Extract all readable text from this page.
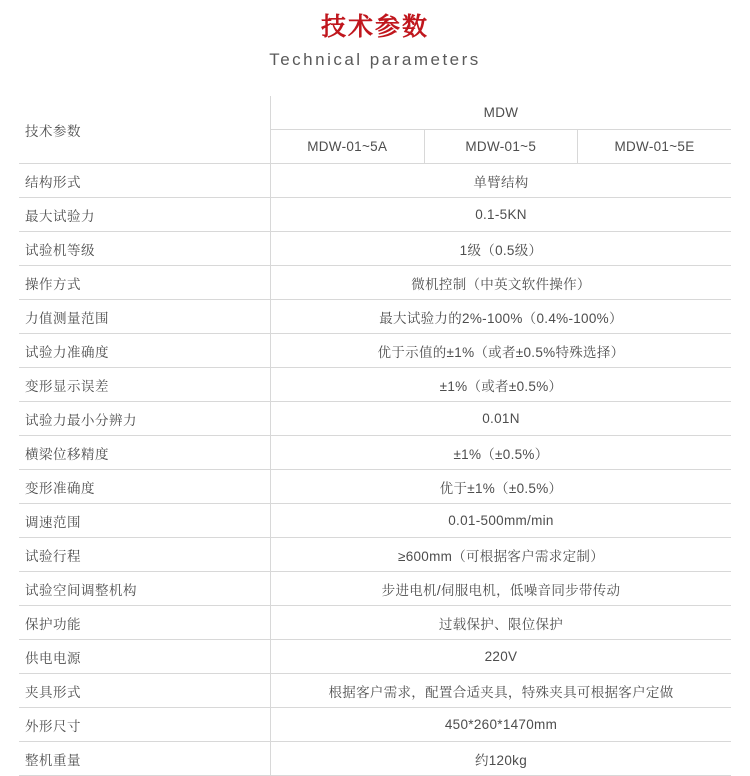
技术参数
Technical parameters
技术参数	MDW		
	MDW-01~5A	MDW-01~5	MDW-01~5E
结构形式	单臂结构		
最大试验力	0.1-5KN		
试验机等级	1级（0.5级）		
操作方式	微机控制（中英文软件操作）		
力值测量范围	最大试验力的2%-100%（0.4%-100%）		
试验力准确度	优于示值的±1%（或者±0.5%特殊选择）		
变形显示误差	±1%（或者±0.5%）		
试验力最小分辨力	0.01N		
横梁位移精度	±1%（±0.5%）		
变形准确度	优于±1%（±0.5%）		
调速范围	0.01-500mm/min		
试验行程	≥600mm（可根据客户需求定制）		
试验空间调整机构	步进电机/伺服电机，低噪音同步带传动		
保护功能	过载保护、限位保护		
供电电源	220V		
夹具形式	根据客户需求，配置合适夹具，特殊夹具可根据客户定做		
外形尺寸	450*260*1470mm		
整机重量	约120kg		
